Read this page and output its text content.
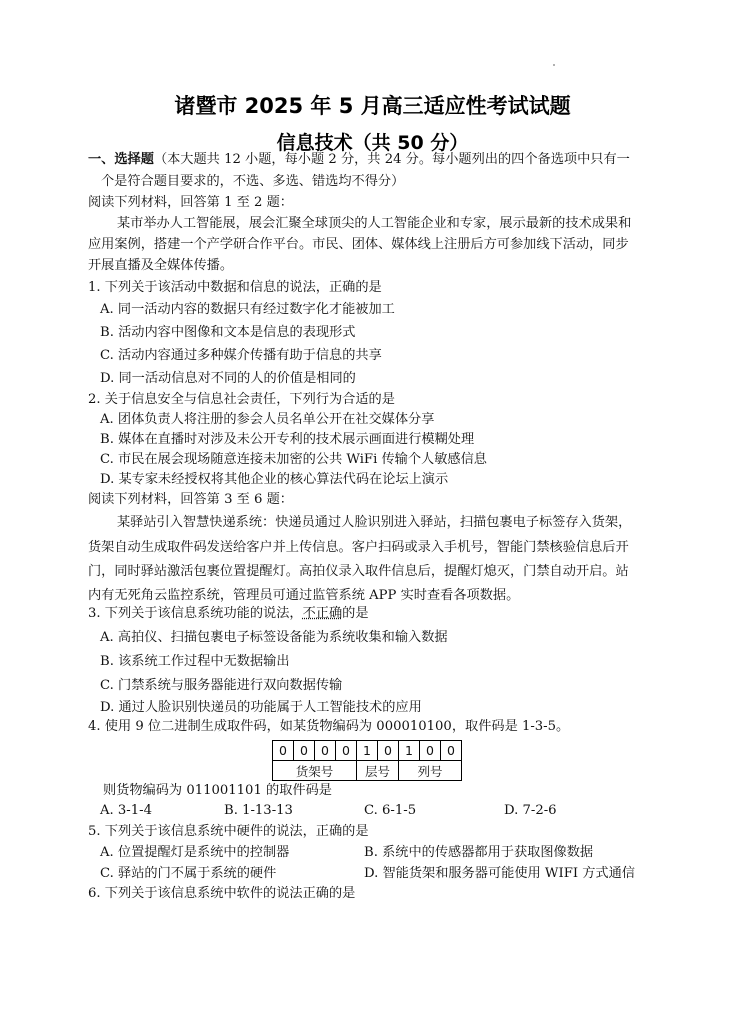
诸暨市 2025 年 5 月高三适应性考试试题
信息技术（共 50 分）
一、选择题（本大题共 12 小题，每小题 2 分，共 24 分。每小题列出的四个备选项中只有一
个是符合题目要求的，不选、多选、错选均不得分）
阅读下列材料，回答第 1 至 2 题：
某市举办人工智能展，展会汇聚全球顶尖的人工智能企业和专家，展示最新的技术成果和
应用案例，搭建一个产学研合作平台。市民、团体、媒体线上注册后方可参加线下活动，同步
开展直播及全媒体传播。
1. 下列关于该活动中数据和信息的说法，正确的是
A. 同一活动内容的数据只有经过数字化才能被加工
B. 活动内容中图像和文本是信息的表现形式
C. 活动内容通过多种媒介传播有助于信息的共享
D. 同一活动信息对不同的人的价值是相同的
2. 关于信息安全与信息社会责任，下列行为合适的是
A. 团体负责人将注册的参会人员名单公开在社交媒体分享
B. 媒体在直播时对涉及未公开专利的技术展示画面进行模糊处理
C. 市民在展会现场随意连接未加密的公共 WiFi 传输个人敏感信息
D. 某专家未经授权将其他企业的核心算法代码在论坛上演示
阅读下列材料，回答第 3 至 6 题：
某驿站引入智慧快递系统：快递员通过人脸识别进入驿站，扫描包裹电子标签存入货架，
货架自动生成取件码发送给客户并上传信息。客户扫码或录入手机号，智能门禁核验信息后开
门，同时驿站激活包裹位置提醒灯。高拍仪录入取件信息后，提醒灯熄灭，门禁自动开启。站
内有无死角云监控系统，管理员可通过监管系统 APP 实时查看各项数据。
3. 下列关于该信息系统功能的说法，不正确的是
A. 高拍仪、扫描包裹电子标签设备能为系统收集和输入数据
B. 该系统工作过程中无数据输出
C. 门禁系统与服务器能进行双向数据传输
D. 通过人脸识别快递员的功能属于人工智能技术的应用
4. 使用 9 位二进制生成取件码，如某货物编码为 000010100，取件码是 1-3-5。
0	0	0	0	1	0	1	0	0
货架号				层号		列号		
则货物编码为 011001101 的取件码是
A. 3-1-4	B. 1-13-13	C. 6-1-5	D. 7-2-6
5. 下列关于该信息系统中硬件的说法，正确的是
A. 位置提醒灯是系统中的控制器	B. 系统中的传感器都用于获取图像数据
C. 驿站的门不属于系统的硬件	D. 智能货架和服务器可能使用 WIFI 方式通信
6. 下列关于该信息系统中软件的说法正确的是
